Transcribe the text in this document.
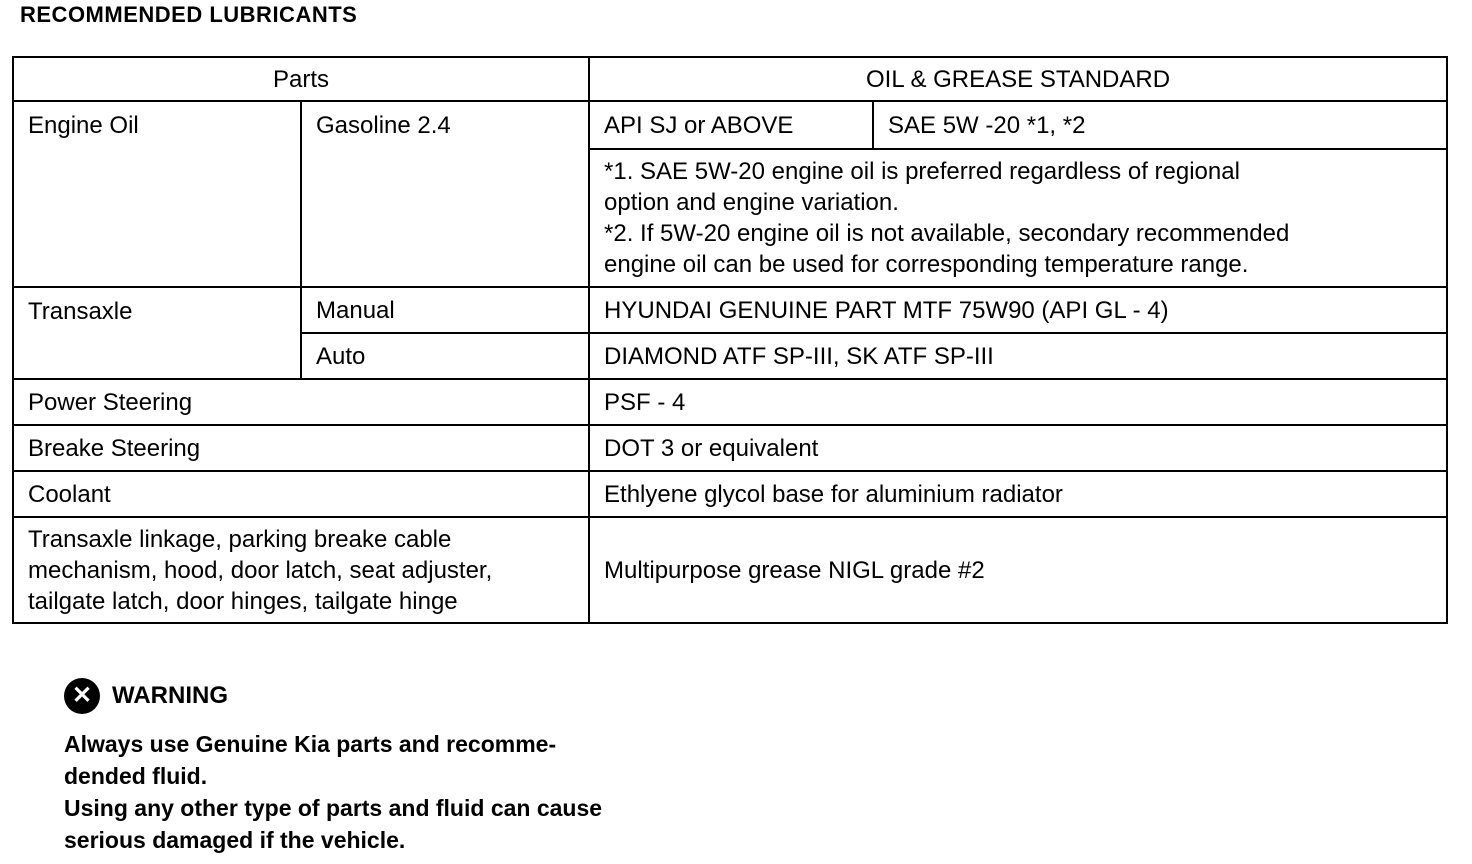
RECOMMENDED LUBRICANTS
Parts		OIL & GREASE STANDARD	
Engine Oil	Gasoline 2.4	API SJ or ABOVE	SAE 5W -20 *1, *2

		*1. SAE 5W-20 engine oil is preferred regardless of regional
option and engine variation.
*2. If 5W-20 engine oil is not available, secondary recommended
engine oil can be used for corresponding temperature range.	

Transaxle	Manual	HYUNDAI GENUINE PART MTF 75W90 (API GL - 4)	
	Auto	DIAMOND ATF SP-III, SK ATF SP-III	
Power Steering		PSF - 4	
Breake Steering		DOT 3 or equivalent	
Coolant		Ethlyene glycol base for aluminium radiator	

Transaxle linkage, parking breake cable
mechanism, hood, door latch, seat adjuster,
tailgate latch, door hinges, tailgate hinge		Multipurpose grease NIGL grade #2	
✕ WARNING

Always use Genuine Kia parts and recomme-
dended fluid.
Using any other type of parts and fluid can cause
serious damaged if the vehicle.
